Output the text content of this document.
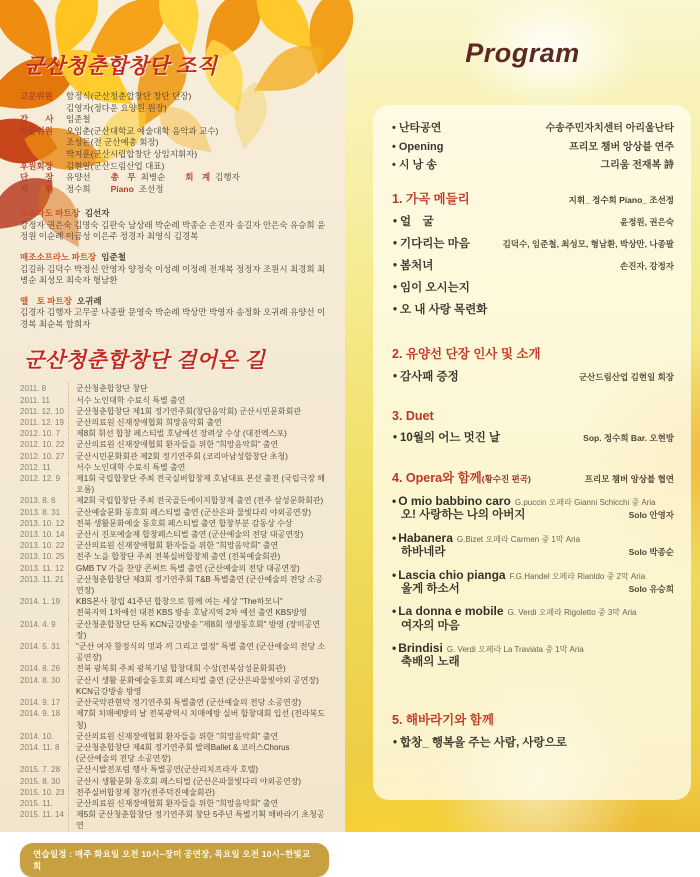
군산청춘합창단 조직
고문위원	함정식(군산청춘합창단 창단 단장)
김영자(정다운 요양원 원장)
감  사	임준철
자문위원	오임춘(군산대학교 예술대학 음악과 교수)
조성돈(전 군산예총 회장)
박지훈(군산시립합창단 상임지휘자)
후원회장	김현일(군산드림산업 대표)
단  장	유양선 총 무 최병순 회 계 김행자
지  휘	정수희 Piano 조선정
소프라도 파트장 김선자
강정자 권은숙 김명숙 김판숙 남상래 박순례 박종순 손진자 송길자 안은숙 유승희 윤정원 이순례 이금성 이은주 정경자 최영식 김경복
매조소프라노 파트장 임준철
김길하 김덕수 박정신 안영자 양정숙 이성례 이정례 전재복 정정자 조원시 최경희 최병순 최성모 최숙자 형남환
앨 토 파트장 오귀례
김경자 김행자 고무공 나종팔 문영숙 박순례 박상만 박영자 송정화 오귀례 유양선 이경복 최순복 함희자
군산청춘합창단 걸어온 길
2011. 8	군산청춘합창단 창단
2011. 11	서수 노인대학 수료식 특별 출연
2011. 12. 10	군산청춘합창단 제1회 정기연주회(창단음악회) 군산시민문화회관
2011. 12. 19	군산의료원 신재장애협회 희망음악회 출연
2012. 10. 7	제8회 휘선 합창 페스티벌 호남예선 장려상 수상 (대전엑스포)
2012. 10. 22	군산의료원 신재장애협회 환자들을 위한 "희망음악회" 출연
2012. 10. 27	군산시민문화회관 제2회 정기연주회 (코리아남성합창단 초청)
2012. 11	서수 노인대학 수료식 특별 출연
2012. 12. 9	제1회 국립합창단 주최 전국실버합창제 호남대표 본선 출전 (국립극장 해오름)
2013. 8. 6	제2회 국립합창단 주최 전국골든에이지합창제 출연 (전주 삼성문화회관)
2013. 8. 31	군산예술문화 동호회 페스티벌 출연 (군산은파 물빛다리 야외공연장)
2013. 10. 12	전북 생활문화예술 동호회 페스티벌 출연 합창부분 감동상 수상
2013. 10. 14	군산시 진포예술제 합창페스티벌 출연 (군산예술의 전당 대공연장)
2013. 10. 22	군산의료원 신재장애협회 환자들을 위한 "희망음악회" 출연
2013. 10. 25	전주 노을 합창단 주최 전북실버합창제 출연 (전북예술회관)
2013. 11. 12	GMB TV 가을 찬양 콘써트 특별 출연 (군산예술의 전당 대공연장)
2013. 11. 21	군산청춘합창단 제3회 정기연주회 T&B 특별출연 (군산예술의 전당 소공연장)
2014. 1. 19	KBS본사 창립 41주년 합창으로 함께 여는 세상 "The하모니"
전북지역 1차예선 대전 KBS 방송 호남지역 2차 예선 출연 KBS방영
2014. 4. 9	군산청춘합창단 단독 KCN금강방송 "제8회 생생동호회" 방영 (장미공연장)
2014. 5. 31	"군산 여자 함정식의 멋과 끼 그리고 열정" 특별 출연 (군산예술의 전당 소공연장)
2014. 8. 26	전북 광복회 주최 광복기념 합창대회 수상(전북삼성문화회관)
2014. 8. 30	군산시 생활 문화예술동호회 페스티벌 출연 (군산은파물빛야외 공연장)
KCN금강방송 방영
2014. 9. 17	군산국악관현악 정기연주회 특별출연 (군산예술의 전당 소공연장)
2014. 9. 18	제7회 치매예방의 날 전북광역시 치매예방 실버 합창대회 입선 (전라북도청)
2014. 10.	군산의료원 신재장애협회 환자들을 위한 "희망음악회" 출연
2014. 11. 8	군산청춘합창단 제4회 정기연주회 발레Ballet & 코러스Chorus
(군산예술의 전당 소공연장)
2015. 7. 28	군산시발전포럼 행사 특별공연(군산리치프라자 호텔)
2015. 8. 30	군산시 생활문화 동호회 페스티벌 (군산은파물빛다리 야외공연장)
2015. 10. 23	전주실버합창제 참가(전주덕진예술회관)
2015. 11.	군산의료원 신재장애협회 환자들을 위한 "희망음악회" 출연
2015. 11. 14	제5회 군산청춘합창단 정기연주회 창단 5주년 특별기획 해바라기 초청공연
연습일정 : 매주 화요일 오전 10시~장미 공연장, 목요일 오전 10시~한빛교회
Program
• 난타공연	수송주민자치센터 아리울난타
• Opening	프리모 챔버 앙상블 연주
• 시 낭 송	그리움 전재복 詩
1. 가곡 메들리	지휘_ 정수희 Piano_ 조선정
• 얼 굴	윤정원, 권은숙
• 기다리는 마음	김덕수, 임준철, 최성모, 형남환, 박상만, 나종팔
• 봄처녀	손진자, 강정자
• 임이 오시는지
• 오 내 사랑 목련화
2. 유양선 단장 인사 및 소개
• 감사패 증정	군산드림산업 김현일 회장
3. Duet
• 10월의 어느 멋진 날	Sop. 정수희 Bar. 오현방
4. Opera와 함께(황수진 편곡)	프리모 챔버 앙상블 협연
• O mio babbino caro G.puccin 오페라 Gianni Schicchi 중 Aria
오! 사랑하는 나의 아버지	Solo 안영자
• Habanera G.Bizet 오페라 Carmen 중 1막 Aria
하바네라	Solo 박종순
• Lascia chio pianga F.G.Handel 오페라 Rianldo 중 2막 Aria
울게 하소서	Solo 유승희
• La donna e mobile G. Verdi 오페라 Rigoletto 중 3막 Aria
여자의 마음
• Brindisi G. Verdi 오페라 La Traviata 중 1막 Aria
축배의 노래
5. 해바라기와 함께
• 합창_ 행복을 주는 사람, 사랑으로
